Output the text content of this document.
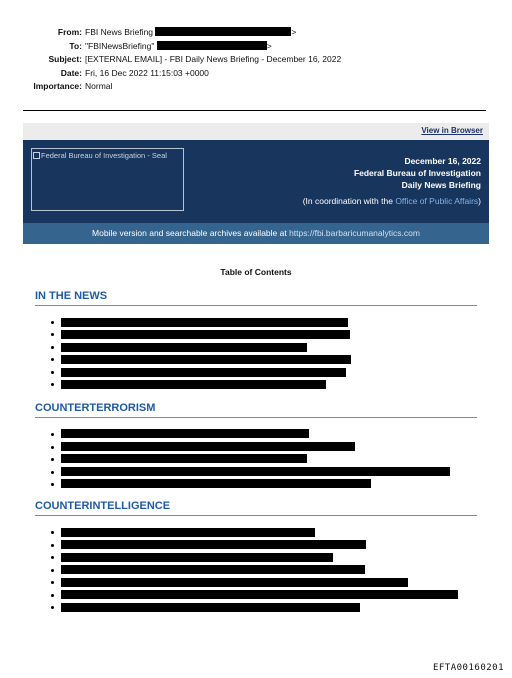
From: FBI News Briefing	>
To: "FBINewsBriefing"	>
Subject: [EXTERNAL EMAIL] - FBI Daily News Briefing - December 16, 2022
Date: Fri, 16 Dec 2022 11:15:03 +0000
Importance: Normal
View in Browser
Federal Bureau of Investigation - Seal
December 16, 2022
Federal Bureau of Investigation
Daily News Briefing
(In coordination with the Office of Public Affairs)
Mobile version and searchable archives available at https://fbi.barbaricumanalytics.com
Table of Contents
IN THE NEWS
COUNTERTERRORISM
COUNTERINTELLIGENCE
EFTA00160201
